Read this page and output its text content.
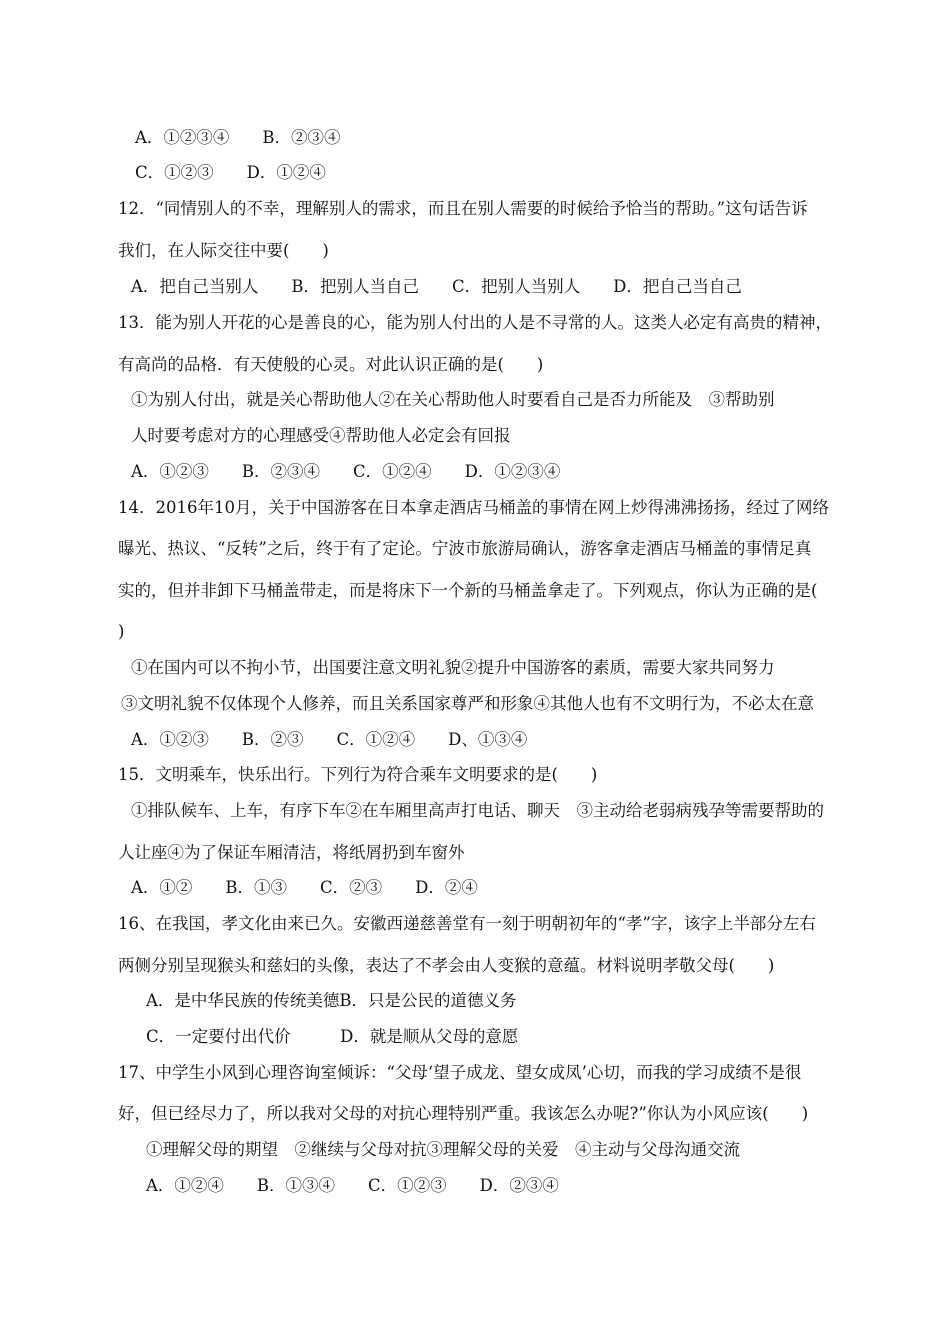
A．①②③④　　B．②③④
C．①②③　　D．①②④
12．“同情别人的不幸，理解别人的需求，而且在别人需要的时候给予恰当的帮助。”这句话告诉
我们，在人际交往中要(　　)
A．把自己当别人　　B．把别人当自己　　C．把别人当别人　　D．把自己当自己
13．能为别人开花的心是善良的心，能为别人付出的人是不寻常的人。这类人必定有高贵的精神，
有高尚的品格．有天使般的心灵。对此认识正确的是(　　)
①为别人付出，就是关心帮助他人②在关心帮助他人时要看自己是否力所能及　③帮助别
人时要考虑对方的心理感受④帮助他人必定会有回报
A．①②③　　B．②③④　　C．①②④　　D．①②③④
14．2016年10月，关于中国游客在日本拿走酒店马桶盖的事情在网上炒得沸沸扬扬，经过了网络
曝光、热议、“反转”之后，终于有了定论。宁波市旅游局确认，游客拿走酒店马桶盖的事情足真
实的，但并非卸下马桶盖带走，而是将床下一个新的马桶盖拿走了。下列观点，你认为正确的是(
)
①在国内可以不拘小节，出国要注意文明礼貌②提升中国游客的素质，需要大家共同努力
③文明礼貌不仅体现个人修养，而且关系国家尊严和形象④其他人也有不文明行为，不必太在意
A．①②③　　B．②③　　C．①②④　　D、①③④
15．文明乘车，快乐出行。下列行为符合乘车文明要求的是(　　)
①排队候车、上车，有序下车②在车厢里高声打电话、聊天　③主动给老弱病残孕等需要帮助的
人让座④为了保证车厢清洁，将纸屑扔到车窗外
A．①②　　B．①③　　C．②③　　D．②④
16、在我国，孝文化由来已久。安徽西递慈善堂有一刻于明朝初年的“孝”字，该字上半部分左右
两侧分别呈现猴头和慈妇的头像，表达了不孝会由人变猴的意蕴。材料说明孝敬父母(　　)
A．是中华民族的传统美德B．只是公民的道德义务
C．一定要付出代价　　　D．就是顺从父母的意愿
17、中学生小风到心理咨询室倾诉：“父母‘望子成龙、望女成凤’心切，而我的学习成绩不是很
好，但已经尽力了，所以我对父母的对抗心理特别严重。我该怎么办呢?”你认为小风应该(　　)
①理解父母的期望　②继续与父母对抗③理解父母的关爱　④主动与父母沟通交流
A．①②④　　B．①③④　　C．①②③　　D．②③④
